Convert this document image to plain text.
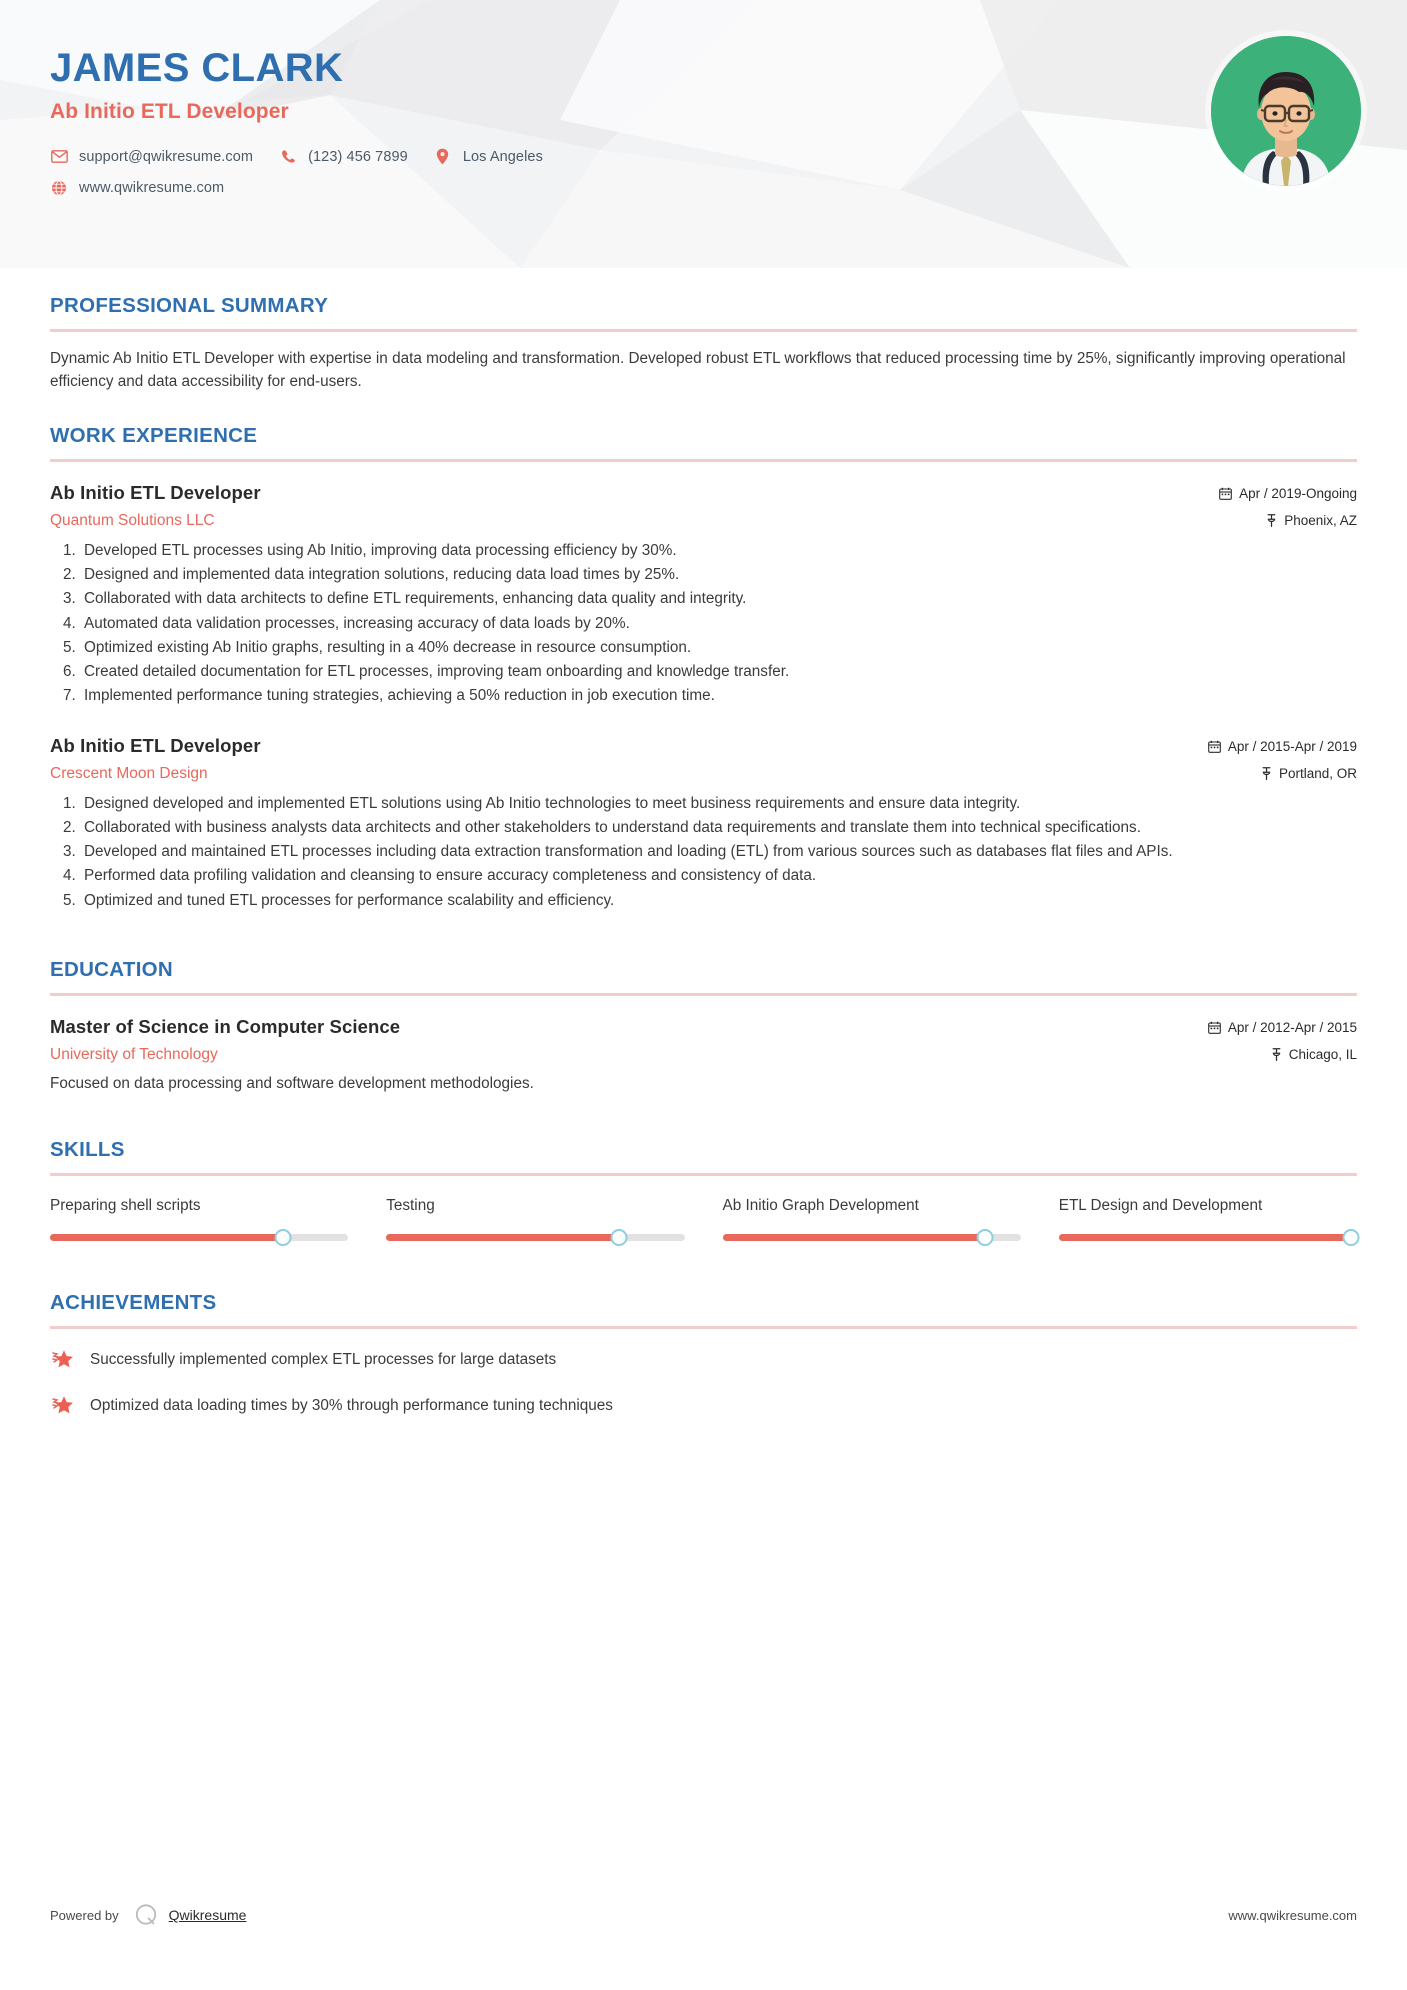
JAMES CLARK
Ab Initio ETL Developer
support@qwikresume.com	(123) 456 7899	Los Angeles
www.qwikresume.com
PROFESSIONAL SUMMARY
Dynamic Ab Initio ETL Developer with expertise in data modeling and transformation. Developed robust ETL workflows that reduced processing time by 25%, significantly improving operational efficiency and data accessibility for end-users.
WORK EXPERIENCE
Ab Initio ETL Developer
Quantum Solutions LLC
Apr / 2019-Ongoing
Phoenix, AZ
1. Developed ETL processes using Ab Initio, improving data processing efficiency by 30%.
2. Designed and implemented data integration solutions, reducing data load times by 25%.
3. Collaborated with data architects to define ETL requirements, enhancing data quality and integrity.
4. Automated data validation processes, increasing accuracy of data loads by 20%.
5. Optimized existing Ab Initio graphs, resulting in a 40% decrease in resource consumption.
6. Created detailed documentation for ETL processes, improving team onboarding and knowledge transfer.
7. Implemented performance tuning strategies, achieving a 50% reduction in job execution time.
Ab Initio ETL Developer
Crescent Moon Design
Apr / 2015-Apr / 2019
Portland, OR
1. Designed developed and implemented ETL solutions using Ab Initio technologies to meet business requirements and ensure data integrity.
2. Collaborated with business analysts data architects and other stakeholders to understand data requirements and translate them into technical specifications.
3. Developed and maintained ETL processes including data extraction transformation and loading (ETL) from various sources such as databases flat files and APIs.
4. Performed data profiling validation and cleansing to ensure accuracy completeness and consistency of data.
5. Optimized and tuned ETL processes for performance scalability and efficiency.
EDUCATION
Master of Science in Computer Science
University of Technology
Apr / 2012-Apr / 2015
Chicago, IL
Focused on data processing and software development methodologies.
SKILLS
Preparing shell scripts	Testing	Ab Initio Graph Development	ETL Design and Development
ACHIEVEMENTS
Successfully implemented complex ETL processes for large datasets
Optimized data loading times by 30% through performance tuning techniques
Powered by	Qwikresume	www.qwikresume.com
